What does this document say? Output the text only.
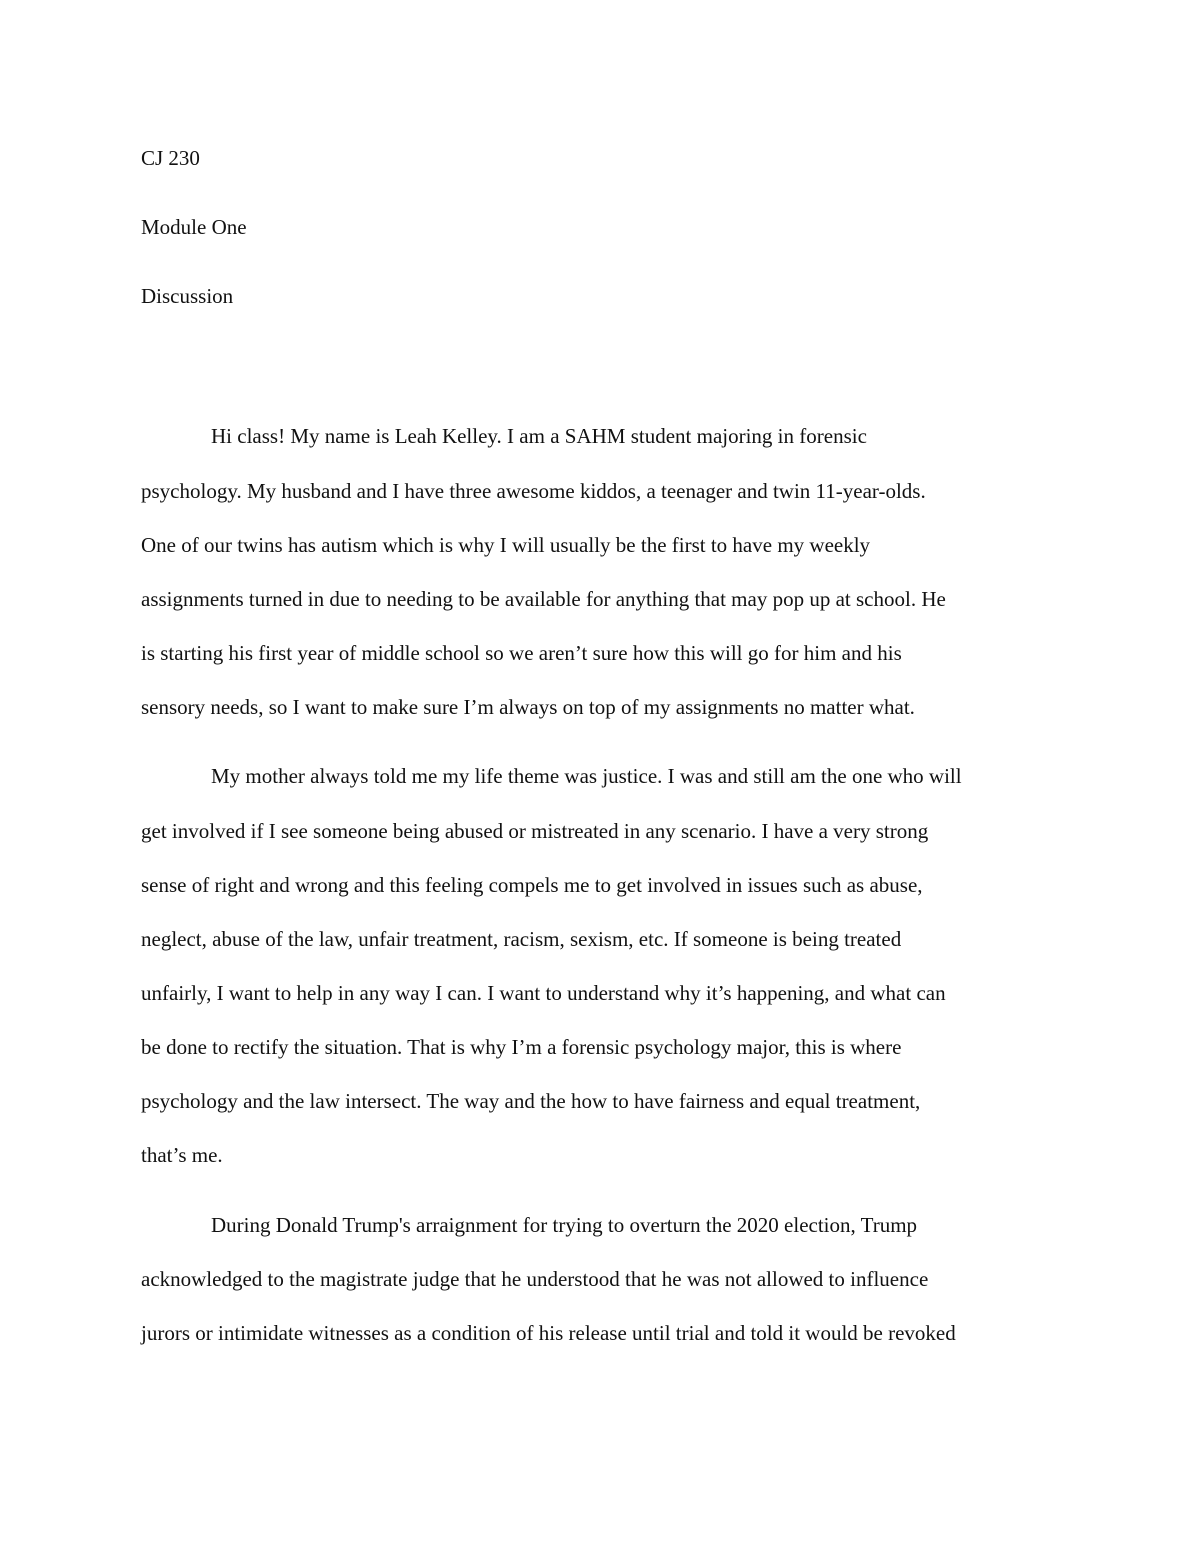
CJ 230

Module One

Discussion

Hi class! My name is Leah Kelley. I am a SAHM student majoring in forensic

psychology. My husband and I have three awesome kiddos, a teenager and twin 11-year-olds.

One of our twins has autism which is why I will usually be the first to have my weekly

assignments turned in due to needing to be available for anything that may pop up at school. He

is starting his first year of middle school so we aren’t sure how this will go for him and his

sensory needs, so I want to make sure I’m always on top of my assignments no matter what.

My mother always told me my life theme was justice. I was and still am the one who will

get involved if I see someone being abused or mistreated in any scenario. I have a very strong

sense of right and wrong and this feeling compels me to get involved in issues such as abuse,

neglect, abuse of the law, unfair treatment, racism, sexism, etc. If someone is being treated

unfairly, I want to help in any way I can. I want to understand why it’s happening, and what can

be done to rectify the situation. That is why I’m a forensic psychology major, this is where

psychology and the law intersect. The way and the how to have fairness and equal treatment,

that’s me.

During Donald Trump's arraignment for trying to overturn the 2020 election, Trump

acknowledged to the magistrate judge that he understood that he was not allowed to influence

jurors or intimidate witnesses as a condition of his release until trial and told it would be revoked
